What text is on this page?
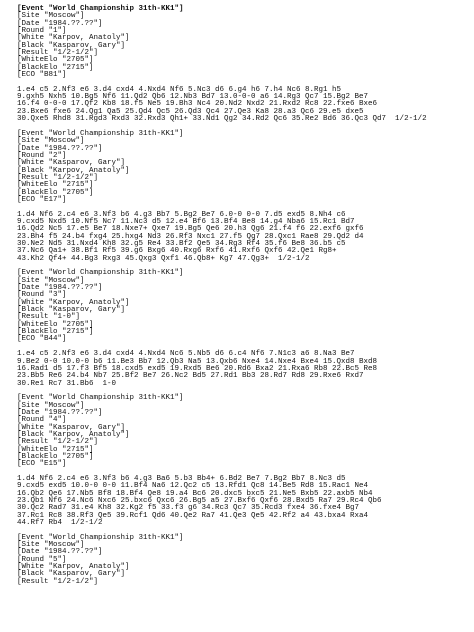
[Event "World Championship 31th-KK1"]
[Site "Moscow"]
[Date "1984.??.??"]
[Round "1"]
[White "Karpov, Anatoly"]
[Black "Kasparov, Gary"]
[Result "1/2-1/2"]
[WhiteElo "2705"]
[BlackElo "2715"]
[ECO "B81"]
1.e4 c5 2.Nf3 e6 3.d4 cxd4 4.Nxd4 Nf6 5.Nc3 d6 6.g4 h6 7.h4 Nc6 8.Rg1 h5
9.gxh5 Nxh5 10.Bg5 Nf6 11.Qd2 Qb6 12.Nb3 Bd7 13.0-0-0 a6 14.Rg3 Qc7 15.Bg2 Be7
16.f4 0-0-0 17.Qf2 Kb8 18.f5 Ne5 19.Bh3 Nc4 20.Nd2 Nxd2 21.Rxd2 Rc8 22.fxe6 Bxe6
23.Bxe6 fxe6 24.Qg1 Qa5 25.Qd4 Qc5 26.Qd3 Qc4 27.Qe3 Ka8 28.a3 Qc6 29.e5 dxe5
30.Qxe5 Rhd8 31.Rgd3 Rxd3 32.Rxd3 Qh1+ 33.Nd1 Qg2 34.Rd2 Qc6 35.Re2 Bd6 36.Qc3 Qd7  1/2-1/2
[Event "World Championship 31th-KK1"]
[Site "Moscow"]
[Date "1984.??.??"]
[Round "2"]
[White "Kasparov, Gary"]
[Black "Karpov, Anatoly"]
[Result "1/2-1/2"]
[WhiteElo "2715"]
[BlackElo "2705"]
[ECO "E17"]
1.d4 Nf6 2.c4 e6 3.Nf3 b6 4.g3 Bb7 5.Bg2 Be7 6.0-0 0-0 7.d5 exd5 8.Nh4 c6
9.cxd5 Nxd5 10.Nf5 Nc7 11.Nc3 d5 12.e4 Bf6 13.Bf4 Be8 14.g4 Nba6 15.Rc1 Bd7
16.Qd2 Nc5 17.e5 Be7 18.Nxe7+ Qxe7 19.Bg5 Qe6 20.h3 Qg6 21.f4 f6 22.exf6 gxf6
23.Bh4 f5 24.b4 fxg4 25.hxg4 Nd3 26.Rf3 Nxc1 27.f5 Qg7 28.Qxc1 Rae8 29.Qd2 d4
30.Ne2 Nd5 31.Nxd4 Kh8 32.g5 Re4 33.Bf2 Qe5 34.Rg3 Rf4 35.f6 Be8 36.b5 c5
37.Nc6 Qa1+ 38.Bf1 Rf5 39.g6 Bxg6 40.Rxg6 Rxf6 41.Rxf6 Qxf6 42.Qe1 Rg8+
43.Kh2 Qf4+ 44.Bg3 Rxg3 45.Qxg3 Qxf1 46.Qb8+ Kg7 47.Qg3+  1/2-1/2
[Event "World Championship 31th-KK1"]
[Site "Moscow"]
[Date "1984.??.??"]
[Round "3"]
[White "Karpov, Anatoly"]
[Black "Kasparov, Gary"]
[Result "1-0"]
[WhiteElo "2705"]
[BlackElo "2715"]
[ECO "B44"]
1.e4 c5 2.Nf3 e6 3.d4 cxd4 4.Nxd4 Nc6 5.Nb5 d6 6.c4 Nf6 7.N1c3 a6 8.Na3 Be7
9.Be2 0-0 10.0-0 b6 11.Be3 Bb7 12.Qb3 Na5 13.Qxb6 Nxe4 14.Nxe4 Bxe4 15.Qxd8 Bxd8
16.Rad1 d5 17.f3 Bf5 18.cxd5 exd5 19.Rxd5 Be6 20.Rd6 Bxa2 21.Rxa6 Rb8 22.Bc5 Re8
23.Bb5 Re6 24.b4 Nb7 25.Bf2 Be7 26.Nc2 Bd5 27.Rd1 Bb3 28.Rd7 Rd8 29.Rxe6 Rxd7
30.Re1 Rc7 31.Bb6  1-0
[Event "World Championship 31th-KK1"]
[Site "Moscow"]
[Date "1984.??.??"]
[Round "4"]
[White "Kasparov, Gary"]
[Black "Karpov, Anatoly"]
[Result "1/2-1/2"]
[WhiteElo "2715"]
[BlackElo "2705"]
[ECO "E15"]
1.d4 Nf6 2.c4 e6 3.Nf3 b6 4.g3 Ba6 5.b3 Bb4+ 6.Bd2 Be7 7.Bg2 Bb7 8.Nc3 d5
9.cxd5 exd5 10.0-0 0-0 11.Bf4 Na6 12.Qc2 c5 13.Rfd1 Qc8 14.Be5 Rd8 15.Rac1 Ne4
16.Qb2 Qe6 17.Nb5 Bf8 18.Bf4 Qe8 19.a4 Bc6 20.dxc5 bxc5 21.Ne5 Bxb5 22.axb5 Nb4
23.Qb1 Nf6 24.Nc6 Nxc6 25.bxc6 Qxc6 26.Bg5 a5 27.Bxf6 Qxf6 28.Bxd5 Ra7 29.Rc4 Qb6
30.Qc2 Rad7 31.e4 Kh8 32.Kg2 f5 33.f3 g6 34.Rc3 Qc7 35.Rcd3 fxe4 36.fxe4 Bg7
37.Rc1 Rc8 38.Rf3 Qe5 39.Rcf1 Qd6 40.Qe2 Ra7 41.Qe3 Qe5 42.Rf2 a4 43.bxa4 Rxa4
44.Rf7 Rb4  1/2-1/2
[Event "World Championship 31th-KK1"]
[Site "Moscow"]
[Date "1984.??.??"]
[Round "5"]
[White "Karpov, Anatoly"]
[Black "Kasparov, Gary"]
[Result "1/2-1/2"]
